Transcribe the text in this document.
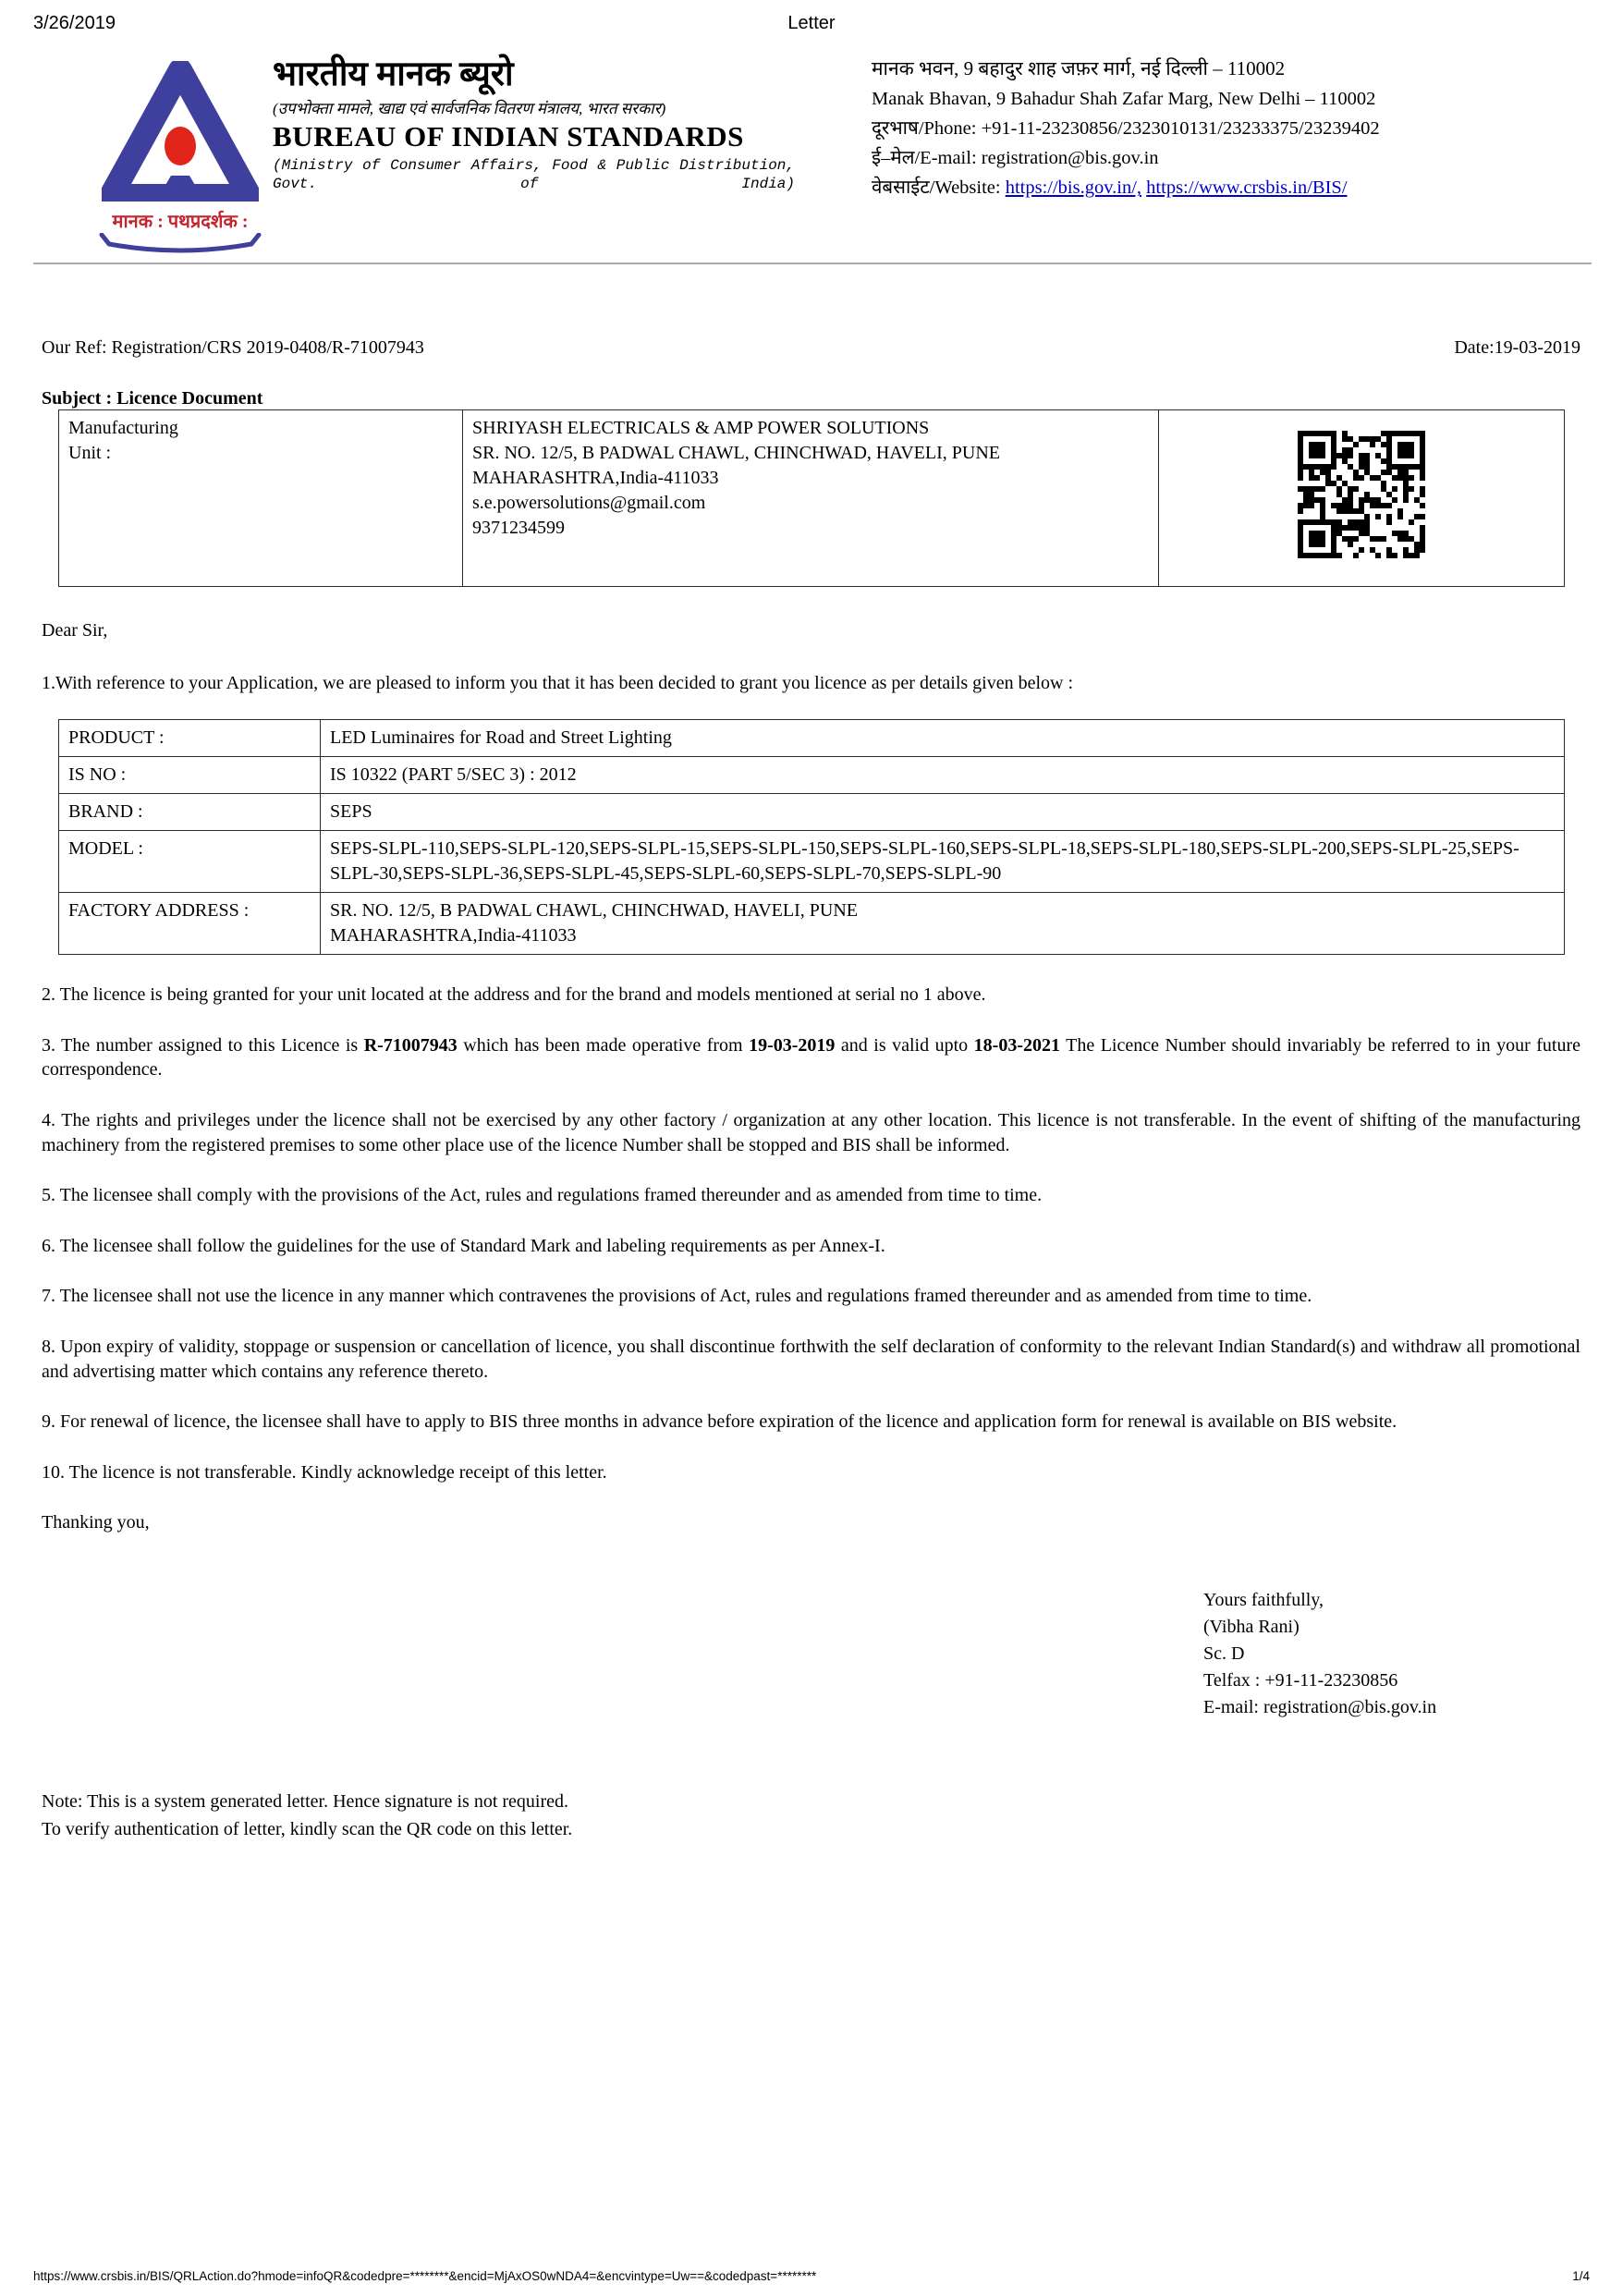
3/26/2019	Letter
मानक : पथप्रदर्शक :
भारतीय मानक ब्यूरो
(उपभोक्ता मामले, खाद्य एवं सार्वजनिक वितरण मंत्रालय, भारत सरकार)
BUREAU OF INDIAN STANDARDS
(Ministry of Consumer Affairs, Food & Public Distribution, Govt. of India)
मानक भवन, 9 बहादुर शाह जफ़र मार्ग, नई दिल्ली – 110002
Manak Bhavan, 9 Bahadur Shah Zafar Marg, New Delhi – 110002
दूरभाष/Phone: +91-11-23230856/2323010131/23233375/23239402
ई–मेल/E-mail: registration@bis.gov.in
वेबसाईट/Website: https://bis.gov.in/, https://www.crsbis.in/BIS/
Our Ref: Registration/CRS 2019-0408/R-71007943	Date:19-03-2019
Subject : Licence Document
Manufacturing
Unit :

SHRIYASH ELECTRICALS & AMP POWER SOLUTIONS
SR. NO. 12/5, B PADWAL CHAWL, CHINCHWAD, HAVELI, PUNE
MAHARASHTRA,India-411033
s.e.powersolutions@gmail.com
9371234599

Dear Sir,
1.With reference to your Application, we are pleased to inform you that it has been decided to grant you licence as per details given below :
PRODUCT :	LED Luminaires for Road and Street Lighting

IS NO :	IS 10322 (PART 5/SEC 3) : 2012

BRAND :	SEPS

MODEL :	SEPS-SLPL-110,SEPS-SLPL-120,SEPS-SLPL-15,SEPS-SLPL-150,SEPS-SLPL-160,SEPS-SLPL-18,SEPS-SLPL-180,SEPS-SLPL-200,SEPS-SLPL-25,SEPS-SLPL-30,SEPS-SLPL-36,SEPS-SLPL-45,SEPS-SLPL-60,SEPS-SLPL-70,SEPS-SLPL-90

FACTORY ADDRESS :	SR. NO. 12/5, B PADWAL CHAWL, CHINCHWAD, HAVELI, PUNE
MAHARASHTRA,India-411033
2. The licence is being granted for your unit located at the address and for the brand and models mentioned at serial no 1 above.
3. The number assigned to this Licence is R-71007943 which has been made operative from 19-03-2019 and is valid upto 18-03-2021 The Licence Number should invariably be referred to in your future correspondence.
4. The rights and privileges under the licence shall not be exercised by any other factory / organization at any other location. This licence is not transferable. In the event of shifting of the manufacturing machinery from the registered premises to some other place use of the licence Number shall be stopped and BIS shall be informed.
5. The licensee shall comply with the provisions of the Act, rules and regulations framed thereunder and as amended from time to time.
6. The licensee shall follow the guidelines for the use of Standard Mark and labeling requirements as per Annex-I.
7. The licensee shall not use the licence in any manner which contravenes the provisions of Act, rules and regulations framed thereunder and as amended from time to time.
8. Upon expiry of validity, stoppage or suspension or cancellation of licence, you shall discontinue forthwith the self declaration of conformity to the relevant Indian Standard(s) and withdraw all promotional and advertising matter which contains any reference thereto.
9. For renewal of licence, the licensee shall have to apply to BIS three months in advance before expiration of the licence and application form for renewal is available on BIS website.
10. The licence is not transferable. Kindly acknowledge receipt of this letter.
Thanking you,
Yours faithfully,
(Vibha Rani)
Sc. D
Telfax : +91-11-23230856
E-mail: registration@bis.gov.in
Note: This is a system generated letter. Hence signature is not required.
To verify authentication of letter, kindly scan the QR code on this letter.
https://www.crsbis.in/BIS/QRLAction.do?hmode=infoQR&codedpre=********&encid=MjAxOS0wNDA4=&encvintype=Uw==&codedpast=********	1/4
